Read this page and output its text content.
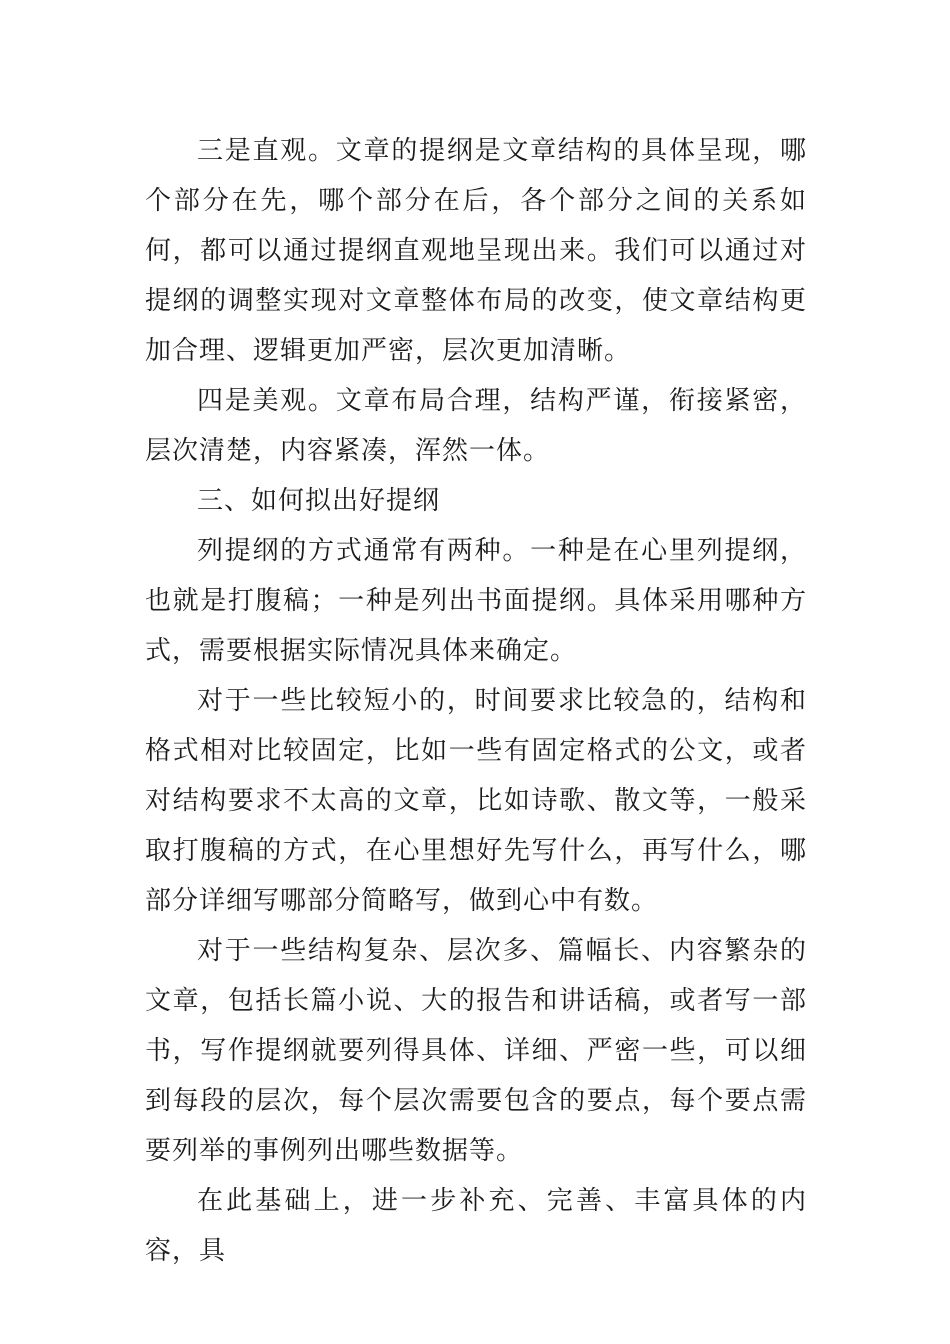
三是直观。文章的提纲是文章结构的具体呈现，哪个部分在先，哪个部分在后，各个部分之间的关系如何，都可以通过提纲直观地呈现出来。我们可以通过对提纲的调整实现对文章整体布局的改变，使文章结构更加合理、逻辑更加严密，层次更加清晰。

四是美观。文章布局合理，结构严谨，衔接紧密，层次清楚，内容紧凑，浑然一体。

三、如何拟出好提纲

列提纲的方式通常有两种。一种是在心里列提纲，也就是打腹稿；一种是列出书面提纲。具体采用哪种方式，需要根据实际情况具体来确定。

对于一些比较短小的，时间要求比较急的，结构和格式相对比较固定，比如一些有固定格式的公文，或者对结构要求不太高的文章，比如诗歌、散文等，一般采取打腹稿的方式，在心里想好先写什么，再写什么，哪部分详细写哪部分简略写，做到心中有数。

对于一些结构复杂、层次多、篇幅长、内容繁杂的文章，包括长篇小说、大的报告和讲话稿，或者写一部书，写作提纲就要列得具体、详细、严密一些，可以细到每段的层次，每个层次需要包含的要点，每个要点需要列举的事例列出哪些数据等。

在此基础上，进一步补充、完善、丰富具体的内容，具
